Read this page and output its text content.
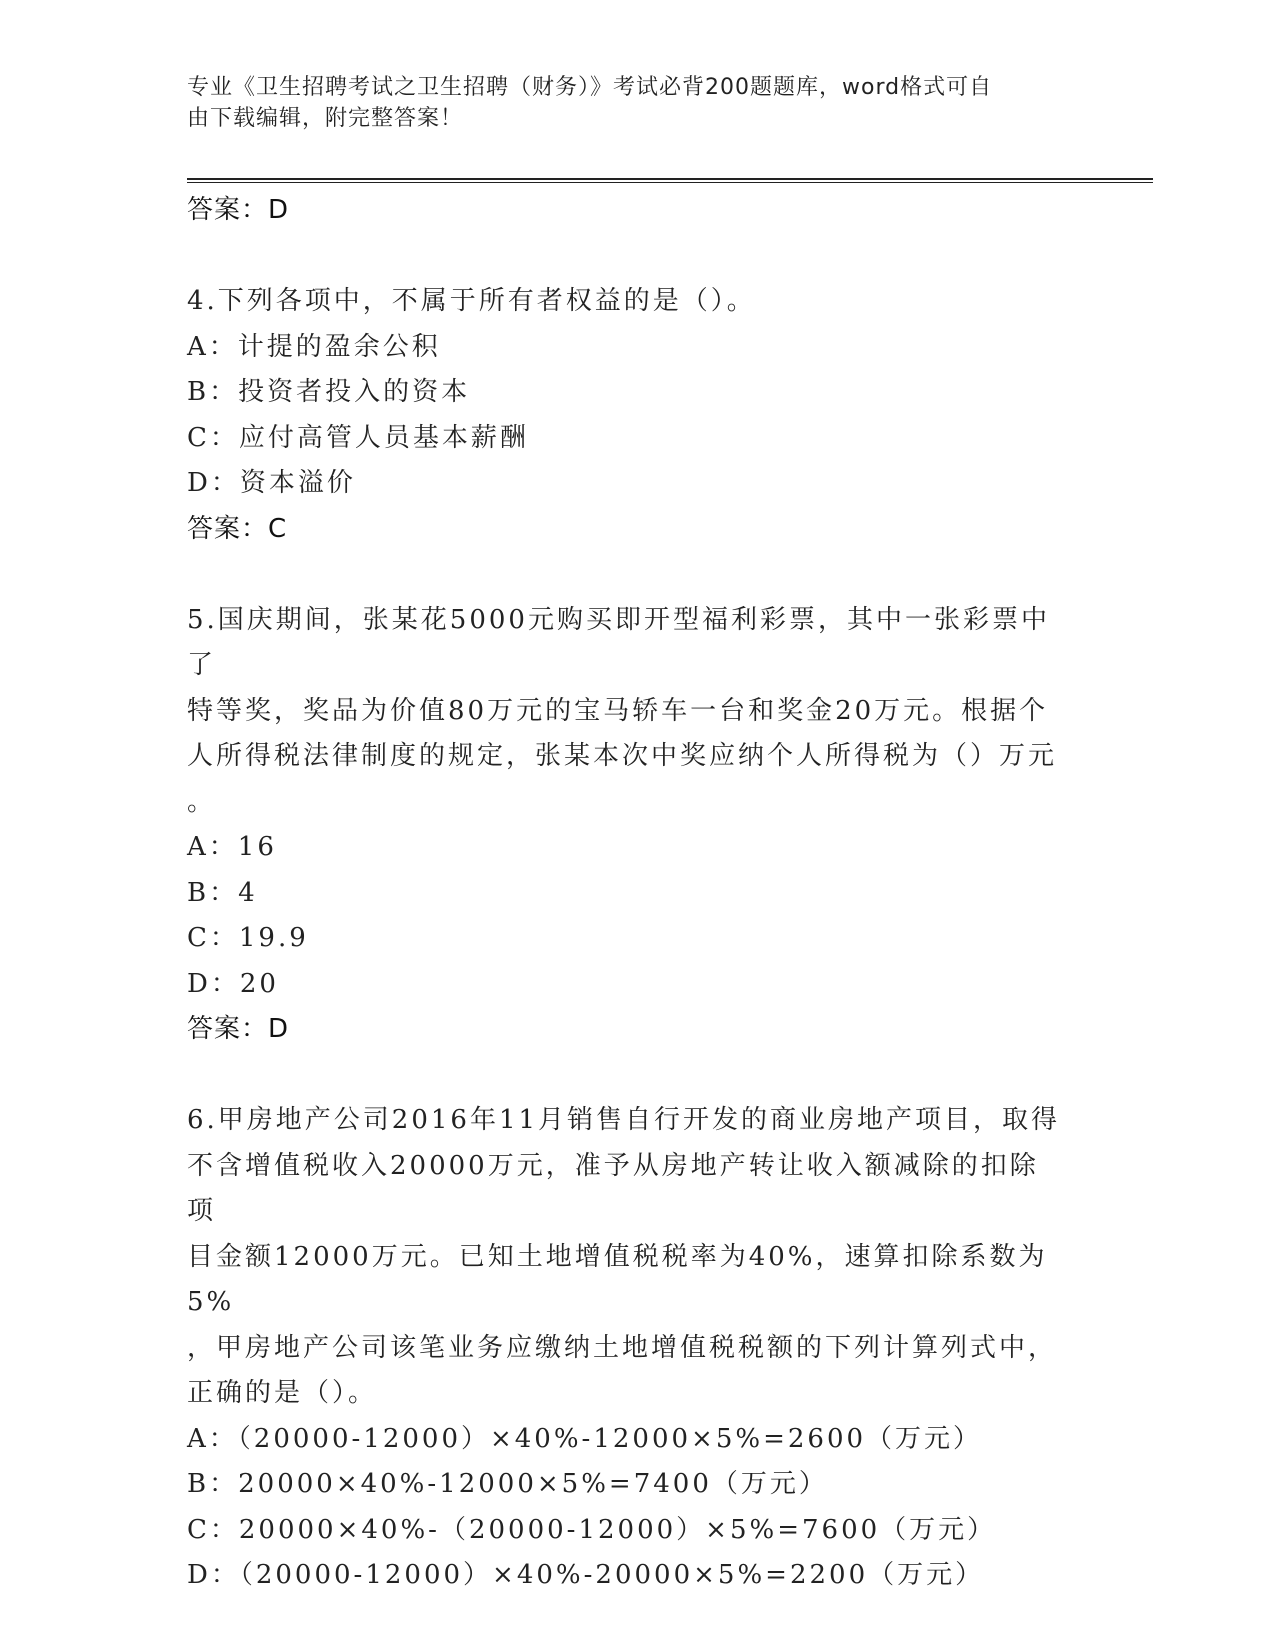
专业《卫生招聘考试之卫生招聘（财务）》考试必背200题题库，word格式可自
由下载编辑，附完整答案！
答案：D
4.下列各项中，不属于所有者权益的是（）。
A：计提的盈余公积
B：投资者投入的资本
C：应付高管人员基本薪酬
D：资本溢价
答案：C
5.国庆期间，张某花5000元购买即开型福利彩票，其中一张彩票中了
特等奖，奖品为价值80万元的宝马轿车一台和奖金20万元。根据个
人所得税法律制度的规定，张某本次中奖应纳个人所得税为（）万元
。
A：16
B：4
C：19.9
D：20
答案：D
6.甲房地产公司2016年11月销售自行开发的商业房地产项目，取得
不含增值税收入20000万元，准予从房地产转让收入额减除的扣除项
目金额12000万元。已知土地增值税税率为40%，速算扣除系数为5%
，甲房地产公司该笔业务应缴纳土地增值税税额的下列计算列式中，
正确的是（）。
A：（20000-12000）×40%-12000×5%=2600（万元）
B：20000×40%-12000×5%=7400（万元）
C：20000×40%-（20000-12000）×5%=7600（万元）
D：（20000-12000）×40%-20000×5%=2200（万元）
